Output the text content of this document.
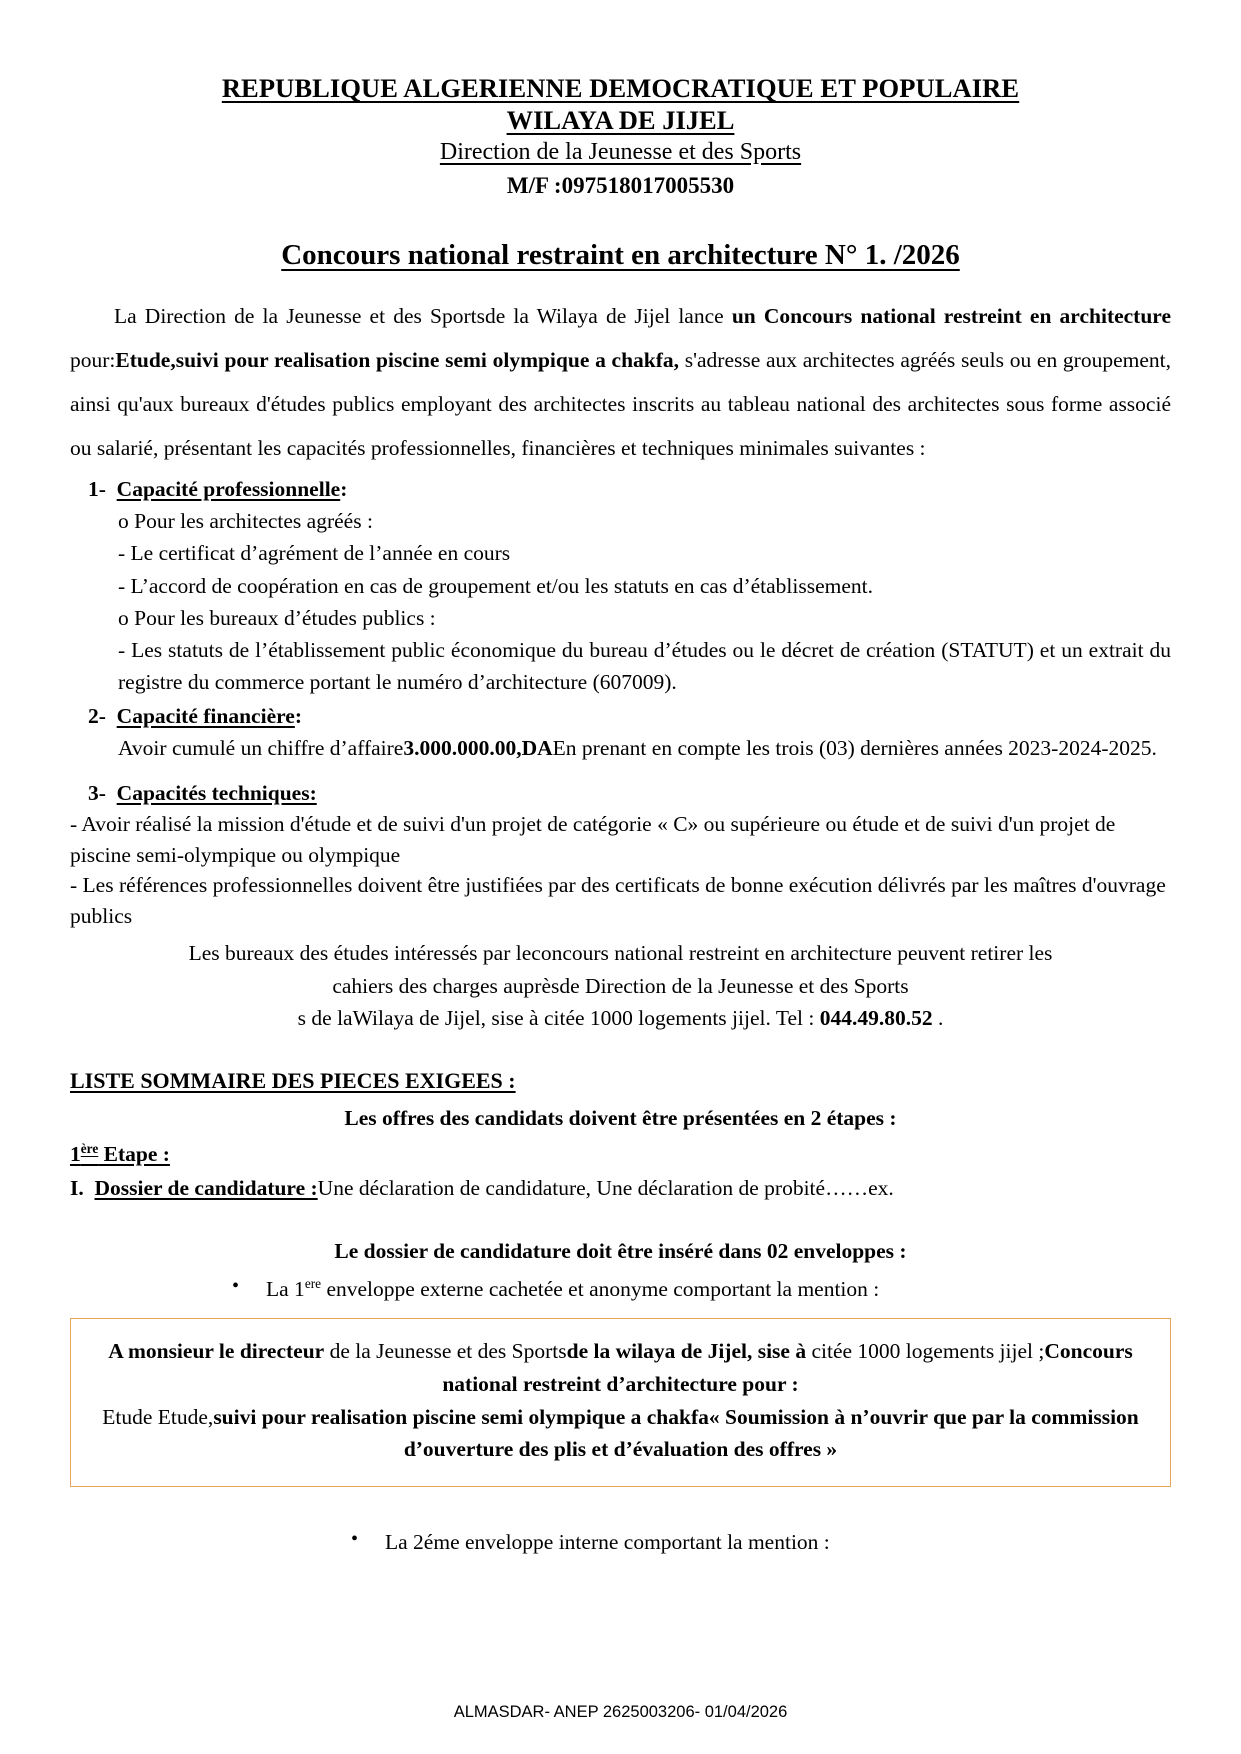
REPUBLIQUE ALGERIENNE DEMOCRATIQUE ET POPULAIRE
WILAYA DE JIJEL
Direction de la Jeunesse et des Sports
M/F :097518017005530
Concours national restraint en architecture N° 1. /2026

La Direction de la Jeunesse et des Sportsde la Wilaya de Jijel lance un Concours national restreint en architecture pour:Etude,suivi pour realisation piscine semi olympique a chakfa, s'adresse aux architectes agréés seuls ou en groupement, ainsi qu'aux bureaux d'études publics employant des architectes inscrits au tableau national des architectes sous forme associé ou salarié, présentant les capacités professionnelles, financières et techniques minimales suivantes :

1- Capacité professionnelle:
o Pour les architectes agréés :
- Le certificat d’agrément de l’année en cours
- L’accord de coopération en cas de groupement et/ou les statuts en cas d’établissement.
o Pour les bureaux d’études publics :
- Les statuts de l’établissement public économique du bureau d’études ou le décret de création (STATUT) et un extrait du registre du commerce portant le numéro d’architecture (607009).
2- Capacité financière:
Avoir cumulé un chiffre d’affaire3.000.000.00,DAEn prenant en compte les trois (03) dernières années 2023-2024-2025.
3- Capacités techniques:
- Avoir réalisé la mission d'étude et de suivi d'un projet de catégorie « C» ou supérieure ou étude et de suivi d'un projet de piscine semi-olympique ou olympique
- Les références professionnelles doivent être justifiées par des certificats de bonne exécution délivrés par les maîtres d'ouvrage publics
Les bureaux des études intéressés par leconcours national restreint en architecture peuvent retirer les
cahiers des charges auprèsde Direction de la Jeunesse et des Sports
s de laWilaya de Jijel, sise à citée 1000 logements jijel. Tel : 044.49.80.52 .
LISTE SOMMAIRE DES PIECES EXIGEES :
Les offres des candidats doivent être présentées en 2 étapes :
1ère Etape :
I. Dossier de candidature :Une déclaration de candidature, Une déclaration de probité……ex.
Le dossier de candidature doit être inséré dans 02 enveloppes :
• La 1ere enveloppe externe cachetée et anonyme comportant la mention :
A monsieur le directeur de la Jeunesse et des Sportsde la wilaya de Jijel, sise à citée 1000 logements jijel ;Concours national restreint d’architecture pour :
Etude Etude,suivi pour realisation piscine semi olympique a chakfa« Soumission à n’ouvrir que par la commission d’ouverture des plis et d’évaluation des offres »
• La 2éme enveloppe interne comportant la mention :
ALMASDAR- ANEP 2625003206- 01/04/2026
